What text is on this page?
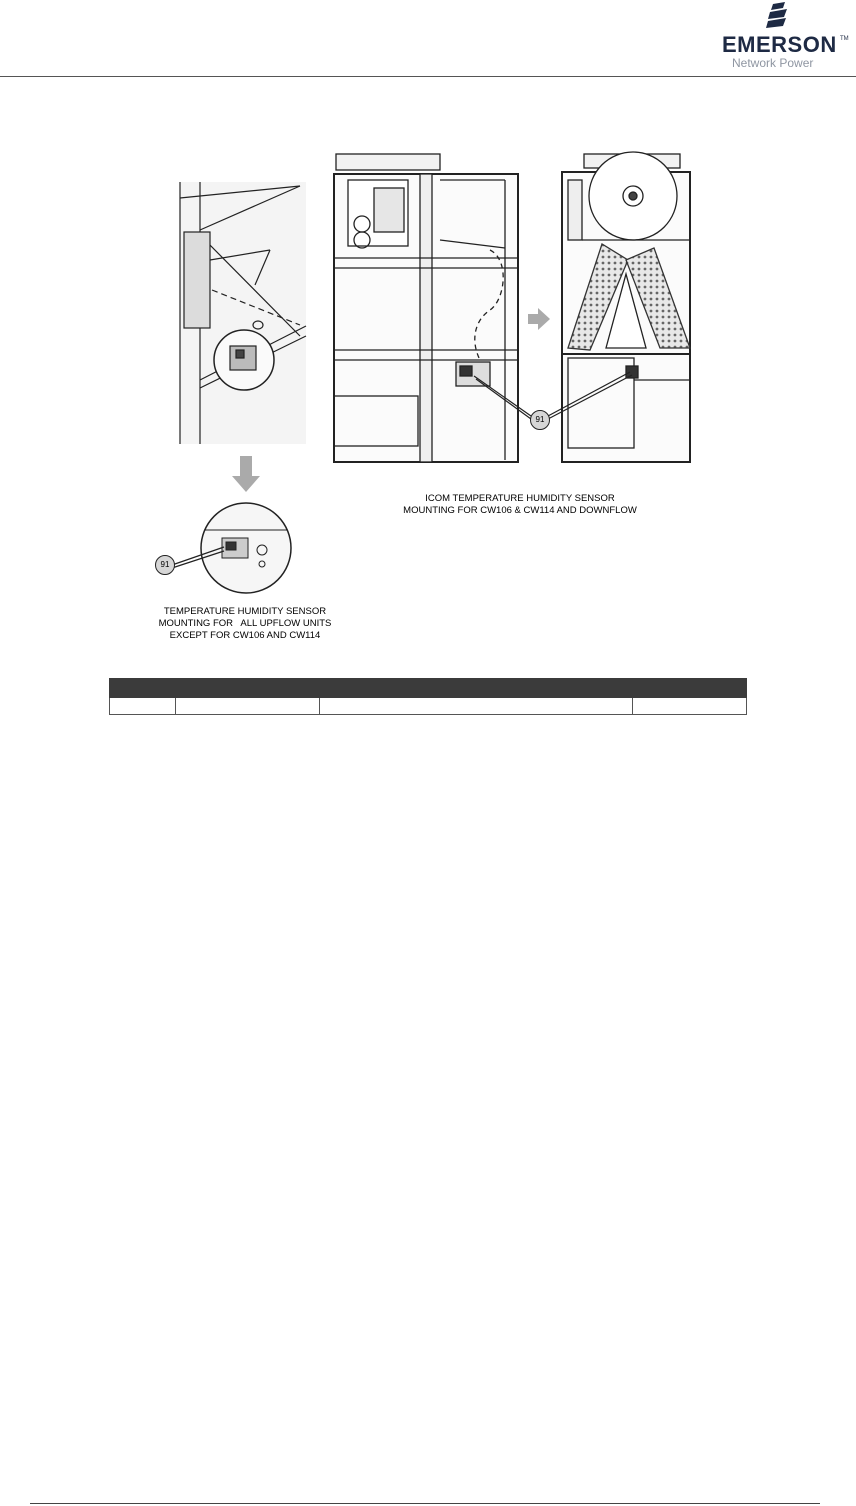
EMERSON TM
Network Power
91
91
ICOM TEMPERATURE HUMIDITY SENSOR
MOUNTING FOR CW106 & CW114 AND DOWNFLOW
TEMPERATURE HUMIDITY SENSOR
MOUNTING FOR   ALL UPFLOW UNITS
EXCEPT FOR CW106 AND CW114
